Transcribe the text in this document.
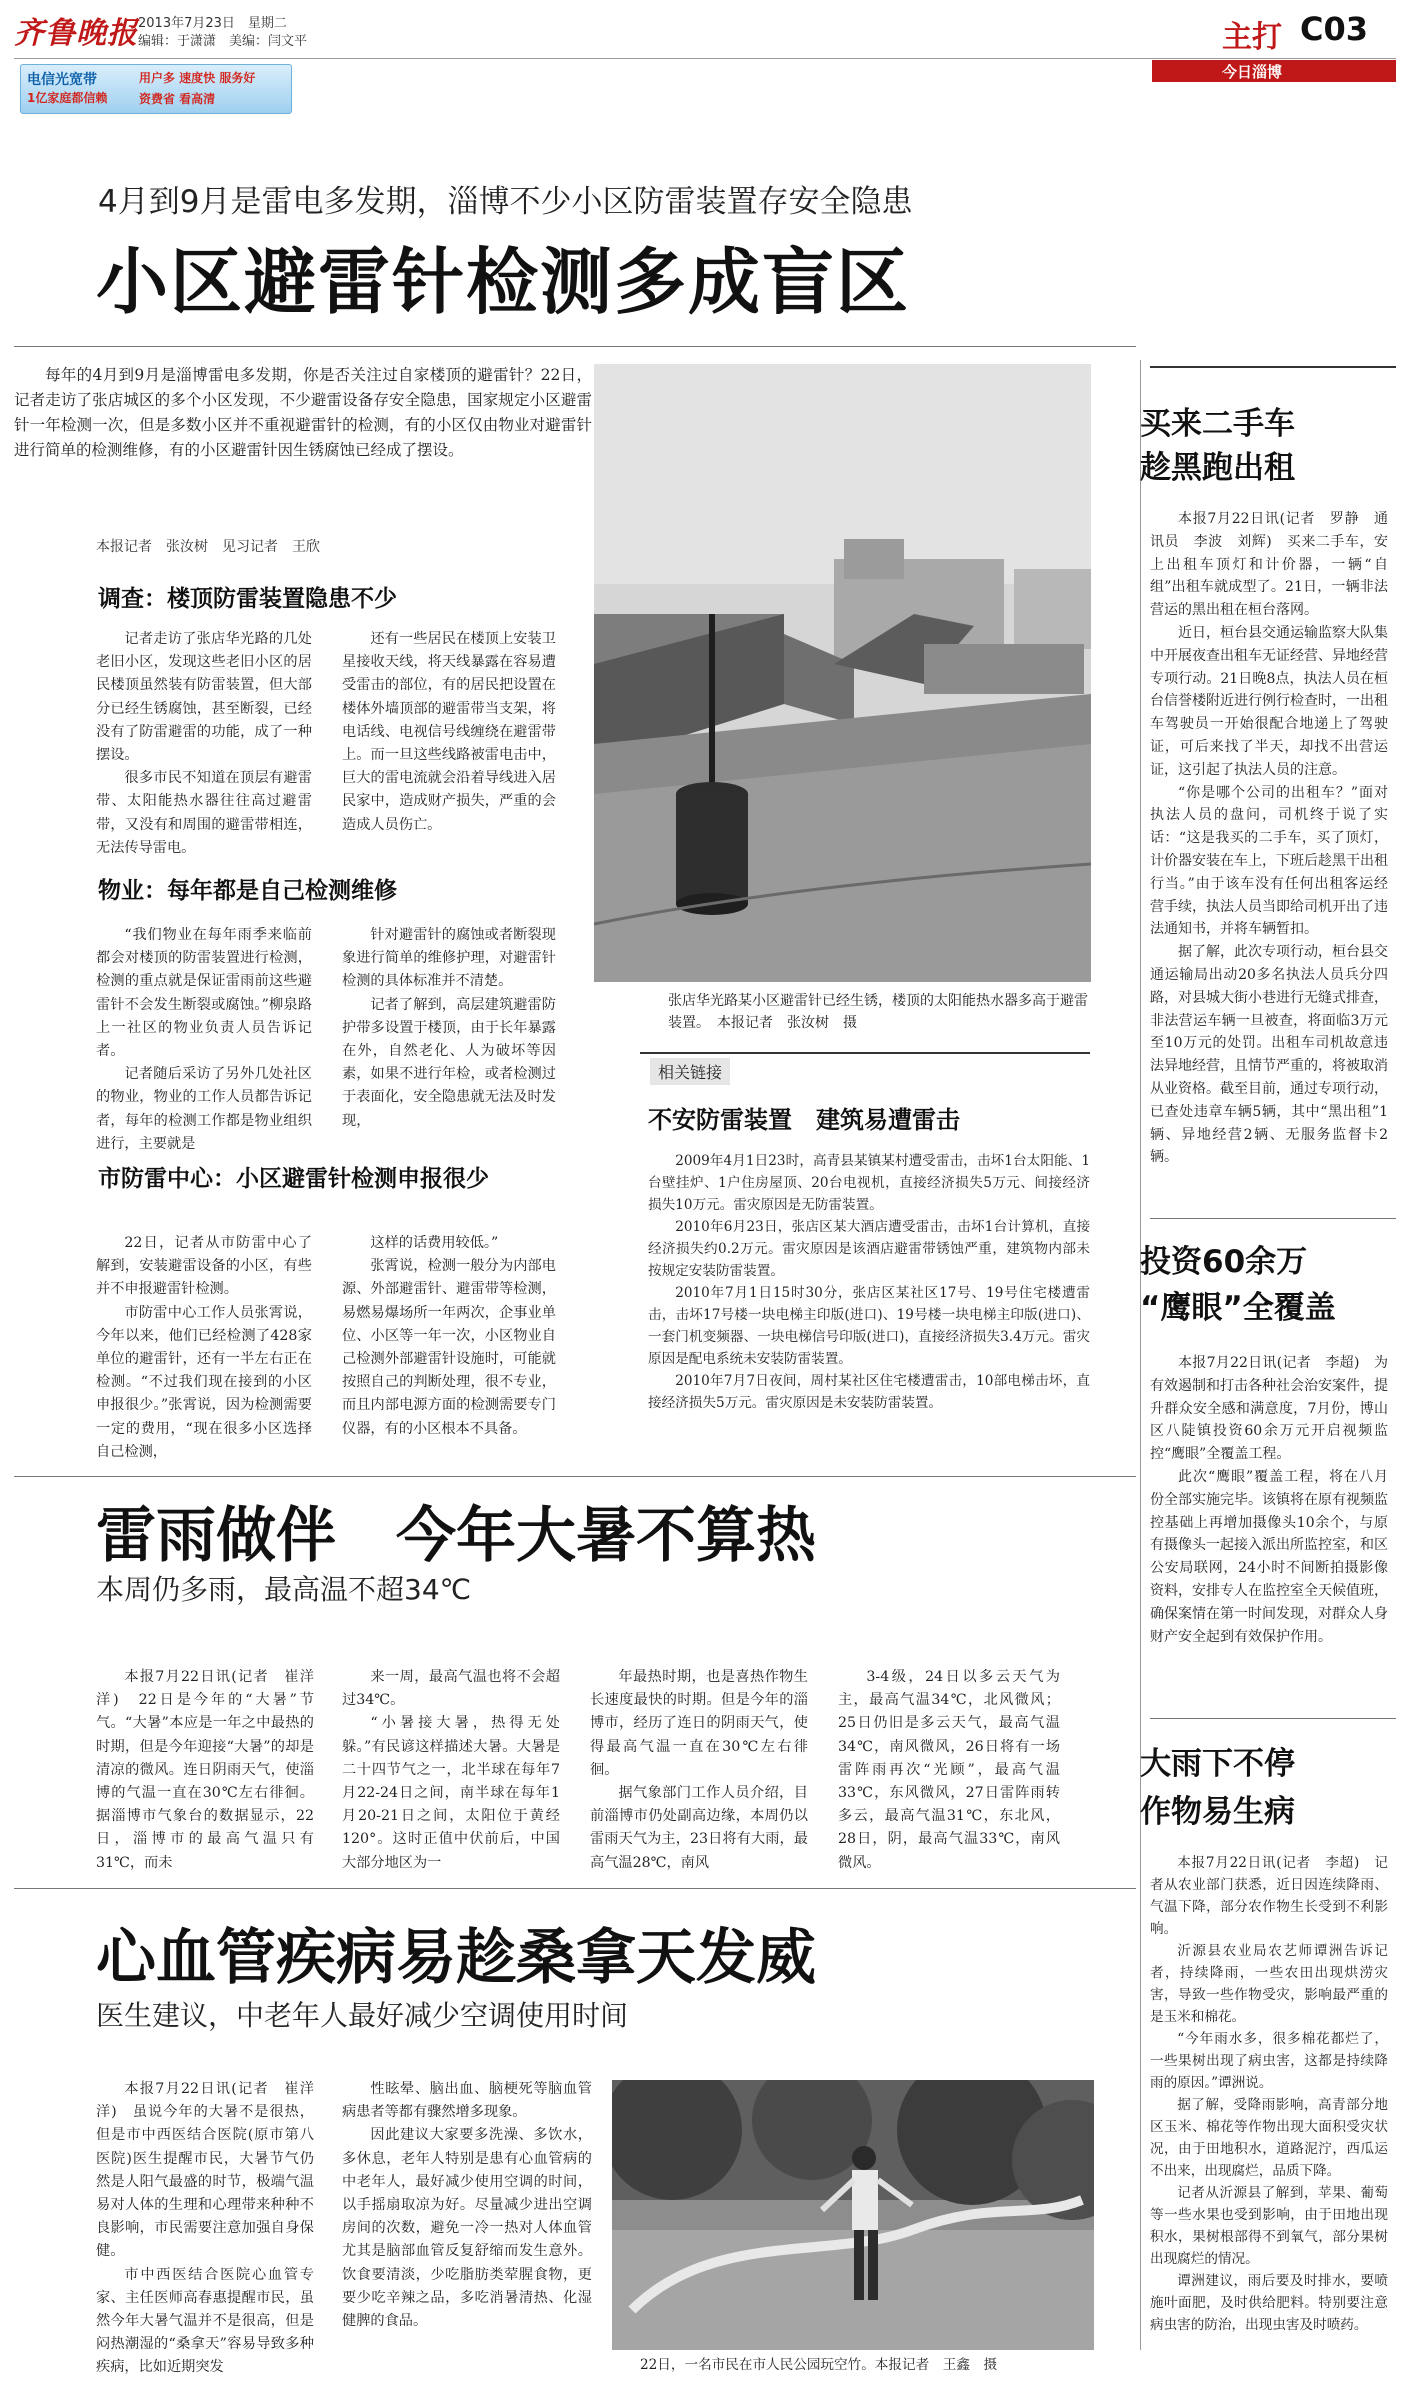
齐鲁晚报 2013年7月23日　星期二
编辑：于潇潇　美编：闫文平	主打 C03
今日淄博
电信光宽带
1亿家庭都信赖
用户多 速度快 服务好
资费省 看高清
4月到9月是雷电多发期，淄博不少小区防雷装置存安全隐患
小区避雷针检测多成盲区

每年的4月到9月是淄博雷电多发期，你是否关注过自家楼顶的避雷针？22日，记者走访了张店城区的多个小区发现，不少避雷设备存安全隐患，国家规定小区避雷针一年检测一次，但是多数小区并不重视避雷针的检测，有的小区仅由物业对避雷针进行简单的检测维修，有的小区避雷针因生锈腐蚀已经成了摆设。

本报记者　张汝树　见习记者　王欣
调查：楼顶防雷装置隐患不少

记者走访了张店华光路的几处老旧小区，发现这些老旧小区的居民楼顶虽然装有防雷装置，但大部分已经生锈腐蚀，甚至断裂，已经没有了防雷避雷的功能，成了一种摆设。

很多市民不知道在顶层有避雷带、太阳能热水器往往高过避雷带，又没有和周围的避雷带相连，无法传导雷电。

还有一些居民在楼顶上安装卫星接收天线，将天线暴露在容易遭受雷击的部位，有的居民把设置在楼体外墙顶部的避雷带当支架，将电话线、电视信号线缠绕在避雷带上。而一旦这些线路被雷电击中，巨大的雷电流就会沿着导线进入居民家中，造成财产损失，严重的会造成人员伤亡。

物业：每年都是自己检测维修

“我们物业在每年雨季来临前都会对楼顶的防雷装置进行检测，检测的重点就是保证雷雨前这些避雷针不会发生断裂或腐蚀。”柳泉路上一社区的物业负责人员告诉记者。

记者随后采访了另外几处社区的物业，物业的工作人员都告诉记者，每年的检测工作都是物业组织进行，主要就是

针对避雷针的腐蚀或者断裂现象进行简单的维修护理，对避雷针检测的具体标准并不清楚。

记者了解到，高层建筑避雷防护带多设置于楼顶，由于长年暴露在外，自然老化、人为破坏等因素，如果不进行年检，或者检测过于表面化，安全隐患就无法及时发现，

市防雷中心：小区避雷针检测申报很少

22日，记者从市防雷中心了解到，安装避雷设备的小区，有些并不申报避雷针检测。

市防雷中心工作人员张霄说，今年以来，他们已经检测了428家单位的避雷针，还有一半左右正在检测。“不过我们现在接到的小区申报很少。”张霄说，因为检测需要一定的费用，“现在很多小区选择自己检测，

这样的话费用较低。”

张霄说，检测一般分为内部电源、外部避雷针、避雷带等检测，易燃易爆场所一年两次，企事业单位、小区等一年一次，小区物业自己检测外部避雷针设施时，可能就按照自己的判断处理，很不专业，而且内部电源方面的检测需要专门仪器，有的小区根本不具备。

张店华光路某小区避雷针已经生锈，楼顶的太阳能热水器多高于避雷装置。　本报记者　张汝树　摄
相关链接
不安防雷装置　建筑易遭雷击

2009年4月1日23时，高青县某镇某村遭受雷击，击坏1台太阳能、1台壁挂炉、1户住房屋顶、20台电视机，直接经济损失5万元、间接经济损失10万元。雷灾原因是无防雷装置。

2010年6月23日，张店区某大酒店遭受雷击，击坏1台计算机，直接经济损失约0.2万元。雷灾原因是该酒店避雷带锈蚀严重，建筑物内部未按规定安装防雷装置。

2010年7月1日15时30分，张店区某社区17号、19号住宅楼遭雷击，击坏17号楼一块电梯主印版(进口)、19号楼一块电梯主印版(进口)、一套门机变频器、一块电梯信号印版(进口)，直接经济损失3.4万元。雷灾原因是配电系统未安装防雷装置。

2010年7月7日夜间，周村某社区住宅楼遭雷击，10部电梯击坏，直接经济损失5万元。雷灾原因是未安装防雷装置。

买来二手车
趁黑跑出租

本报7月22日讯(记者　罗静　通讯员　李波　刘辉)　买来二手车，安上出租车顶灯和计价器，一辆“自组”出租车就成型了。21日，一辆非法营运的黑出租在桓台落网。

近日，桓台县交通运输监察大队集中开展夜查出租车无证经营、异地经营专项行动。21日晚8点，执法人员在桓台信誉楼附近进行例行检查时，一出租车驾驶员一开始很配合地递上了驾驶证，可后来找了半天，却找不出营运证，这引起了执法人员的注意。

“你是哪个公司的出租车？”面对执法人员的盘问，司机终于说了实话：“这是我买的二手车，买了顶灯，计价器安装在车上，下班后趁黑干出租行当。”由于该车没有任何出租客运经营手续，执法人员当即给司机开出了违法通知书，并将车辆暂扣。

据了解，此次专项行动，桓台县交通运输局出动20多名执法人员兵分四路，对县城大街小巷进行无缝式排查，非法营运车辆一旦被查，将面临3万元至10万元的处罚。出租车司机故意违法异地经营，且情节严重的，将被取消从业资格。截至目前，通过专项行动，已查处违章车辆5辆，其中“黑出租”1辆、异地经营2辆、无服务监督卡2辆。

投资60余万
“鹰眼”全覆盖

本报7月22日讯(记者　李超)　为有效遏制和打击各种社会治安案件，提升群众安全感和满意度，7月份，博山区八陡镇投资60余万元开启视频监控“鹰眼”全覆盖工程。

此次“鹰眼”覆盖工程，将在八月份全部实施完毕。该镇将在原有视频监控基础上再增加摄像头10余个，与原有摄像头一起接入派出所监控室，和区公安局联网，24小时不间断拍摄影像资料，安排专人在监控室全天候值班，确保案情在第一时间发现，对群众人身财产安全起到有效保护作用。

大雨下不停
作物易生病

本报7月22日讯(记者　李超)　记者从农业部门获悉，近日因连续降雨、气温下降，部分农作物生长受到不利影响。

沂源县农业局农艺师谭洲告诉记者，持续降雨，一些农田出现烘涝灾害，导致一些作物受灾，影响最严重的是玉米和棉花。

“今年雨水多，很多棉花都烂了，一些果树出现了病虫害，这都是持续降雨的原因。”谭洲说。

据了解，受降雨影响，高青部分地区玉米、棉花等作物出现大面积受灾状况，由于田地积水，道路泥泞，西瓜运不出来，出现腐烂，品质下降。

记者从沂源县了解到，苹果、葡萄等一些水果也受到影响，由于田地出现积水，果树根部得不到氧气，部分果树出现腐烂的情况。

谭洲建议，雨后要及时排水，要喷施叶面肥，及时供给肥料。特别要注意病虫害的防治，出现虫害及时喷药。

雷雨做伴　今年大暑不算热
本周仍多雨，最高温不超34℃

本报7月22日讯(记者　崔洋洋)　22日是今年的“大暑”节气。“大暑”本应是一年之中最热的时期，但是今年迎接“大暑”的却是清凉的微风。连日阴雨天气，使淄博的气温一直在30℃左右徘徊。据淄博市气象台的数据显示，22日，淄博市的最高气温只有31℃，而未

来一周，最高气温也将不会超过34℃。

“小暑接大暑，热得无处躲。”有民谚这样描述大暑。大暑是二十四节气之一，北半球在每年7月22-24日之间，南半球在每年1月20-21日之间，太阳位于黄经120°。这时正值中伏前后，中国大部分地区为一

年最热时期，也是喜热作物生长速度最快的时期。但是今年的淄博市，经历了连日的阴雨天气，使得最高气温一直在30℃左右徘徊。

据气象部门工作人员介绍，目前淄博市仍处副高边缘，本周仍以雷雨天气为主，23日将有大雨，最高气温28℃，南风

3-4级，24日以多云天气为主，最高气温34℃，北风微风；25日仍旧是多云天气，最高气温34℃，南风微风，26日将有一场雷阵雨再次“光顾”，最高气温33℃，东风微风，27日雷阵雨转多云，最高气温31℃，东北风，28日，阴，最高气温33℃，南风微风。

心血管疾病易趁桑拿天发威
医生建议，中老年人最好减少空调使用时间

本报7月22日讯(记者　崔洋洋)　虽说今年的大暑不是很热，但是市中西医结合医院(原市第八医院)医生提醒市民，大暑节气仍然是人阳气最盛的时节，极端气温易对人体的生理和心理带来种种不良影响，市民需要注意加强自身保健。

市中西医结合医院心血管专家、主任医师高春惠提醒市民，虽然今年大暑气温并不是很高，但是闷热潮湿的“桑拿天”容易导致多种疾病，比如近期突发

性眩晕、脑出血、脑梗死等脑血管病患者等都有骤然增多现象。

因此建议大家要多洗澡、多饮水，多休息，老年人特别是患有心血管病的中老年人，最好减少使用空调的时间，以手摇扇取凉为好。尽量减少进出空调房间的次数，避免一冷一热对人体血管尤其是脑部血管反复舒缩而发生意外。饮食要清淡，少吃脂肪类荤腥食物，更要少吃辛辣之品，多吃消暑清热、化湿健脾的食品。

22日，一名市民在市人民公园玩空竹。本报记者　王鑫　摄
